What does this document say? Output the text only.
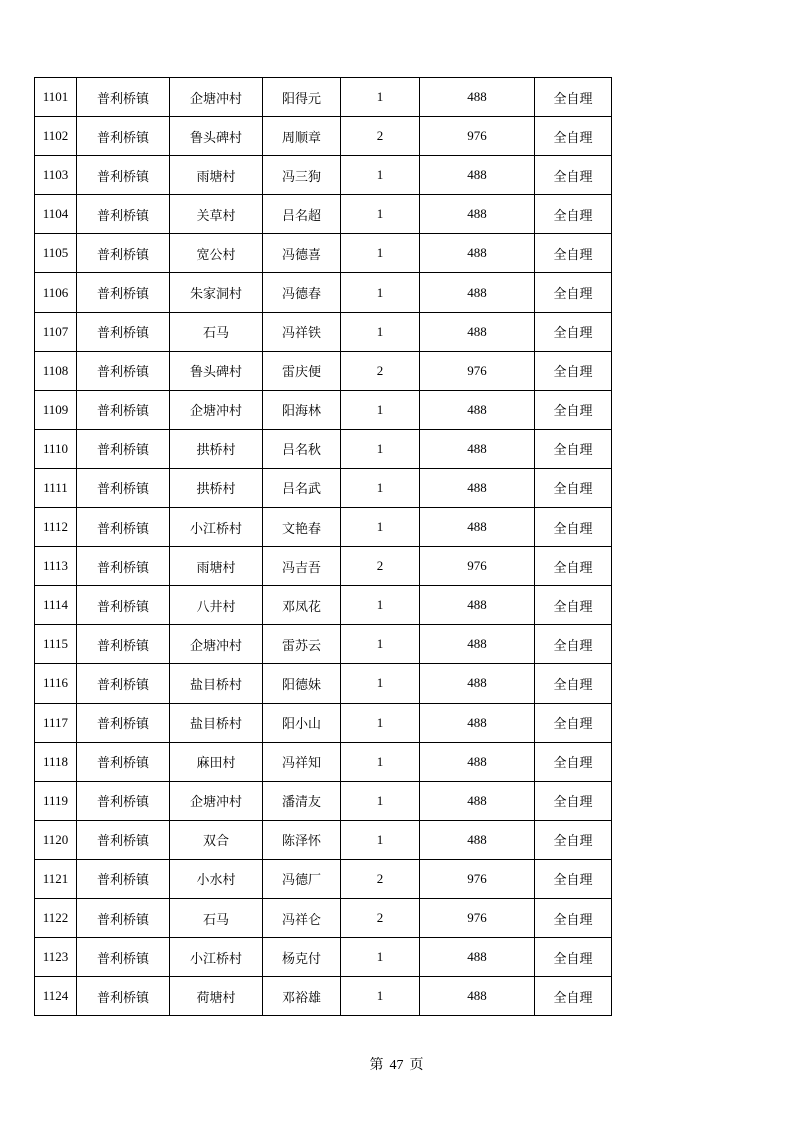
1101	普利桥镇	企塘冲村	阳得元	1	488	全自理
1102	普利桥镇	鲁头碑村	周顺章	2	976	全自理
1103	普利桥镇	雨塘村	冯三狗	1	488	全自理
1104	普利桥镇	关草村	吕名超	1	488	全自理
1105	普利桥镇	宽公村	冯德喜	1	488	全自理
1106	普利桥镇	朱家洞村	冯德春	1	488	全自理
1107	普利桥镇	石马	冯祥铁	1	488	全自理
1108	普利桥镇	鲁头碑村	雷庆便	2	976	全自理
1109	普利桥镇	企塘冲村	阳海林	1	488	全自理
1110	普利桥镇	拱桥村	吕名秋	1	488	全自理
1111	普利桥镇	拱桥村	吕名武	1	488	全自理
1112	普利桥镇	小江桥村	文艳春	1	488	全自理
1113	普利桥镇	雨塘村	冯吉吾	2	976	全自理
1114	普利桥镇	八井村	邓凤花	1	488	全自理
1115	普利桥镇	企塘冲村	雷苏云	1	488	全自理
1116	普利桥镇	盐目桥村	阳德妹	1	488	全自理
1117	普利桥镇	盐目桥村	阳小山	1	488	全自理
1118	普利桥镇	麻田村	冯祥知	1	488	全自理
1119	普利桥镇	企塘冲村	潘清友	1	488	全自理
1120	普利桥镇	双合	陈泽怀	1	488	全自理
1121	普利桥镇	小水村	冯德厂	2	976	全自理
1122	普利桥镇	石马	冯祥仑	2	976	全自理
1123	普利桥镇	小江桥村	杨克付	1	488	全自理
1124	普利桥镇	荷塘村	邓裕雄	1	488	全自理
第 47 页
